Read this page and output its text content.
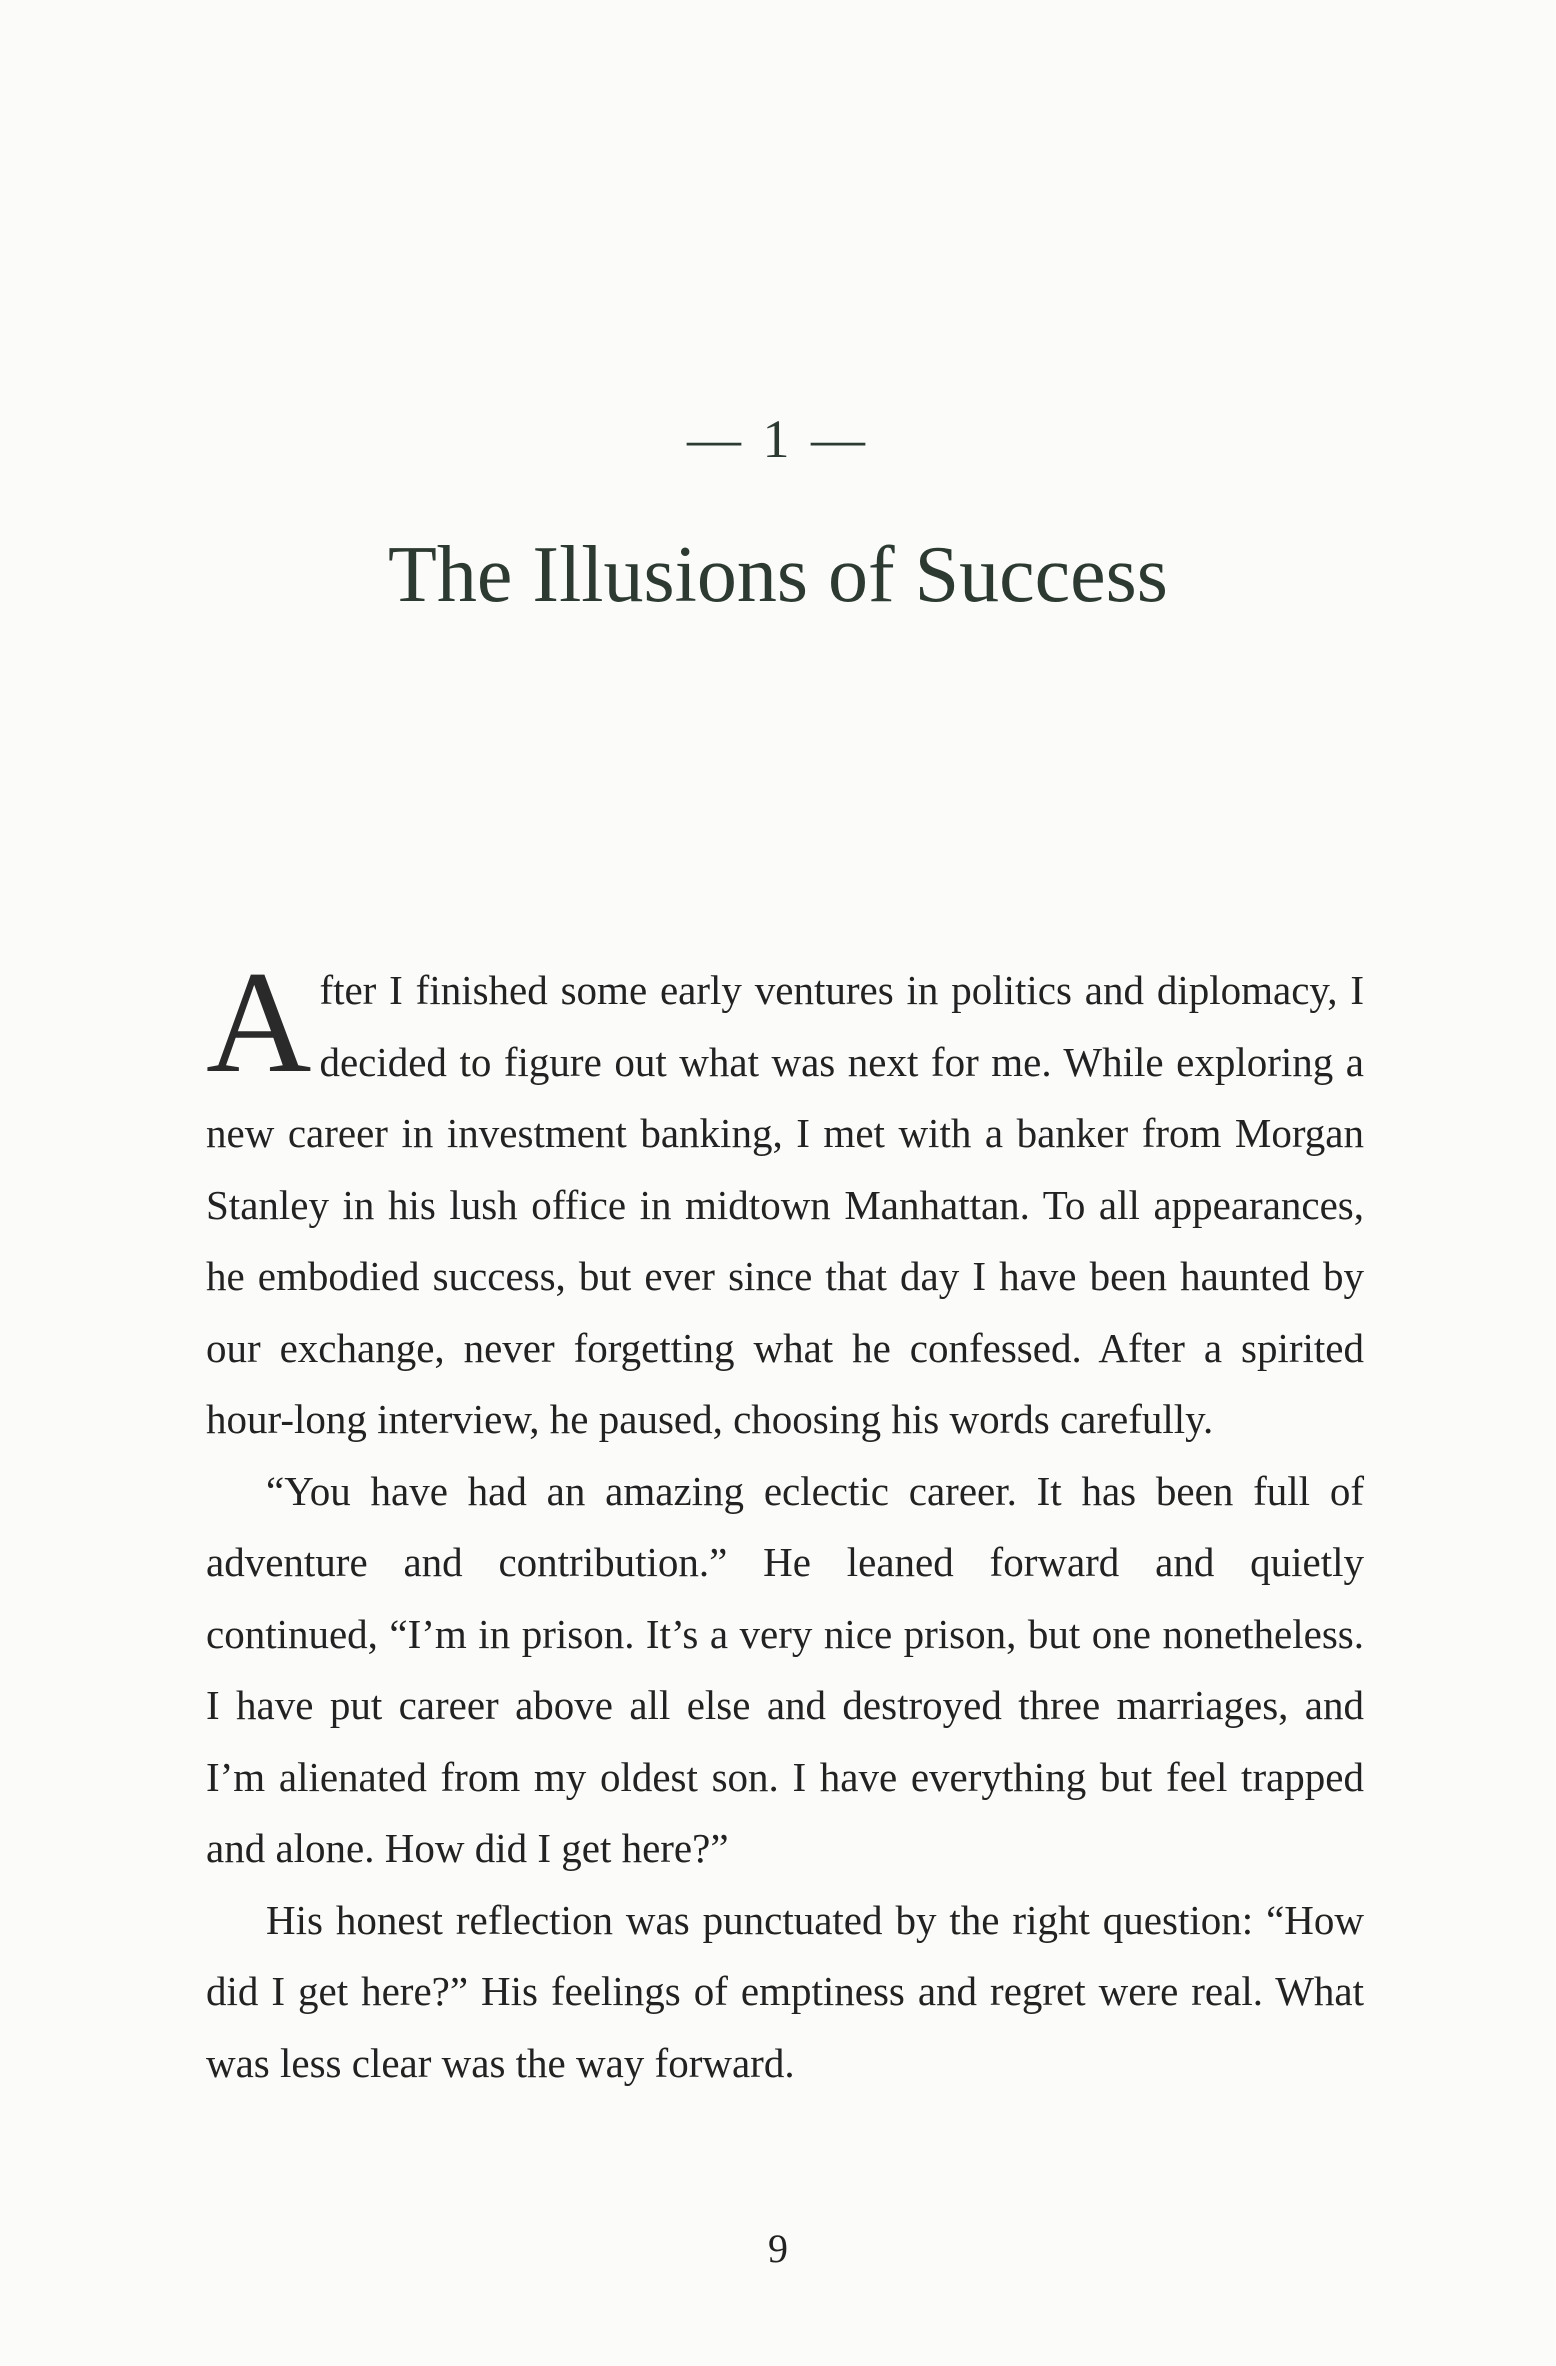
— 1 —
The Illusions of Success

After I finished some early ventures in politics and diplomacy, I decided to figure out what was next for me. While exploring a new career in investment banking, I met with a banker from Morgan Stanley in his lush office in midtown Manhattan. To all appearances, he embodied success, but ever since that day I have been haunted by our exchange, never forgetting what he confessed. After a spirited hour-long interview, he paused, choosing his words carefully.

“You have had an amazing eclectic career. It has been full of adventure and contribution.” He leaned forward and quietly continued, “I’m in prison. It’s a very nice prison, but one nonetheless. I have put career above all else and destroyed three marriages, and I’m alienated from my oldest son. I have everything but feel trapped and alone. How did I get here?”

His honest reflection was punctuated by the right question: “How did I get here?” His feelings of emptiness and regret were real. What was less clear was the way forward.

9
